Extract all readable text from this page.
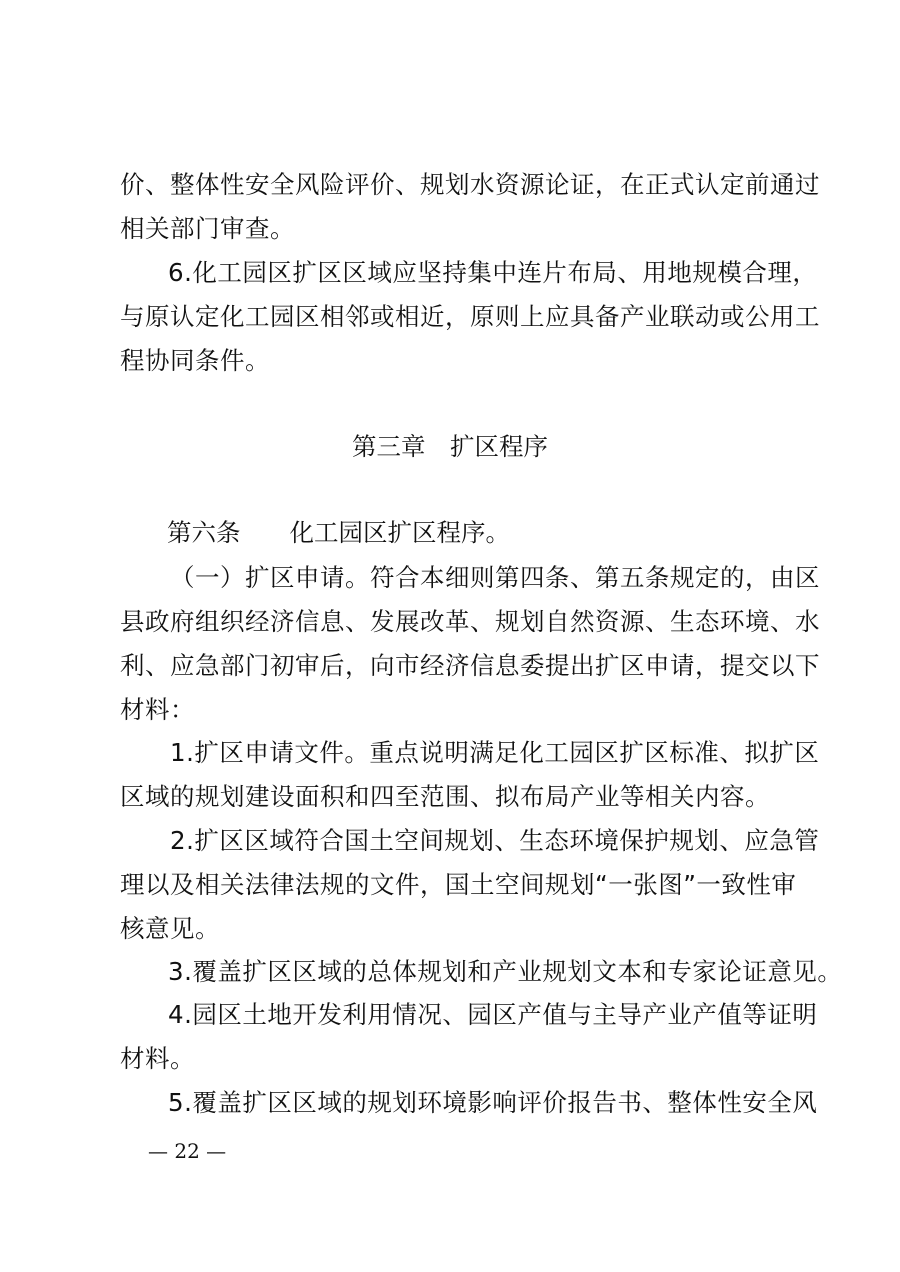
价、整体性安全风险评价、规划水资源论证，在正式认定前通过
相关部门审查。
6.化工园区扩区区域应坚持集中连片布局、用地规模合理，
与原认定化工园区相邻或相近，原则上应具备产业联动或公用工
程协同条件。
第三章　扩区程序
第六条　　化工园区扩区程序。
（一）扩区申请。符合本细则第四条、第五条规定的，由区
县政府组织经济信息、发展改革、规划自然资源、生态环境、水
利、应急部门初审后，向市经济信息委提出扩区申请，提交以下
材料：
1.扩区申请文件。重点说明满足化工园区扩区标准、拟扩区
区域的规划建设面积和四至范围、拟布局产业等相关内容。
2.扩区区域符合国土空间规划、生态环境保护规划、应急管
理以及相关法律法规的文件，国土空间规划“一张图”一致性审
核意见。
3.覆盖扩区区域的总体规划和产业规划文本和专家论证意见。
4.园区土地开发利用情况、园区产值与主导产业产值等证明
材料。
5.覆盖扩区区域的规划环境影响评价报告书、整体性安全风
— 22 —
